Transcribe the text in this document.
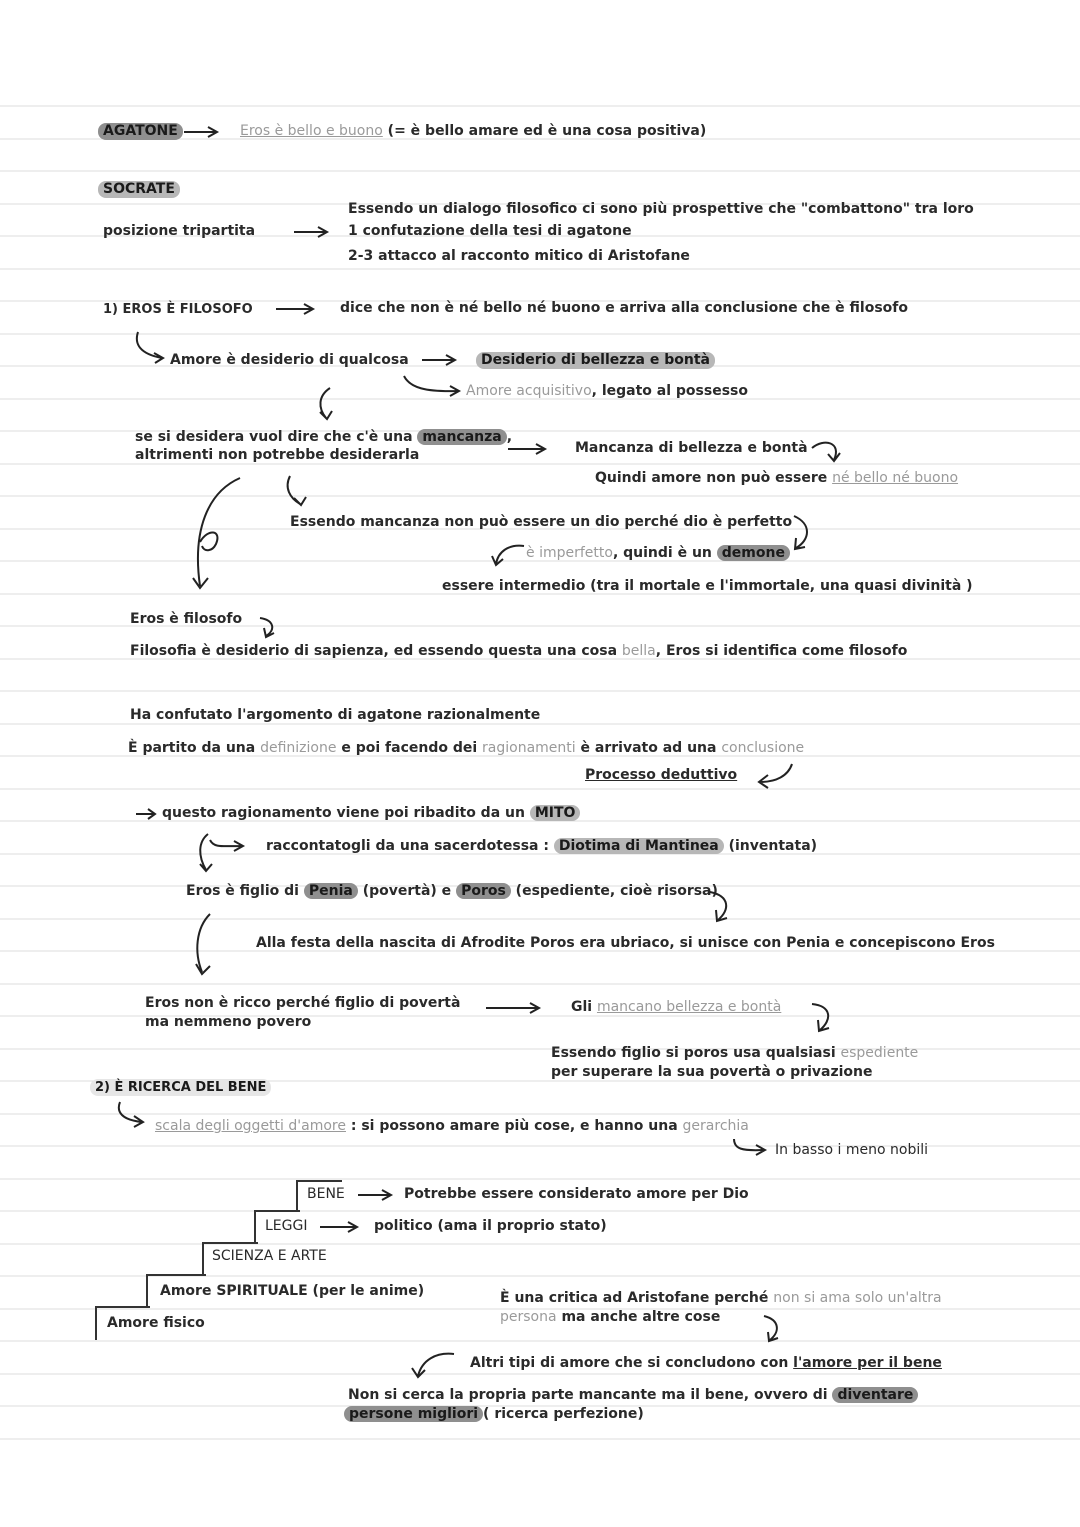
AGATONE	Eros è bello e buono (= è bello amare ed è una cosa positiva)
SOCRATE
posizione tripartita
Essendo un dialogo filosofico ci sono più prospettive che "combattono" tra loro
1 confutazione della tesi di agatone
2-3 attacco al racconto mitico di Aristofane
1) EROS È FILOSOFO	dice che non è né bello né buono e arriva alla conclusione che è filosofo
Amore è desiderio di qualcosa	Desiderio di bellezza e bontà
Amore acquisitivo, legato al possesso
se si desidera vuol dire che c'è una mancanza ,
altrimenti non potrebbe desiderarla	Mancanza di bellezza e bontà
Quindi amore non può essere né bello né buono
Essendo mancanza non può essere un dio perché dio è perfetto
è imperfetto, quindi è un demone
essere intermedio (tra il mortale e l'immortale, una quasi divinità )
Eros è filosofo
Filosofia è desiderio di sapienza, ed essendo questa una cosa bella, Eros si identifica come filosofo
Ha confutato l'argomento di agatone razionalmente
È partito da una definizione e poi facendo dei ragionamenti è arrivato ad una conclusione
Processo deduttivo
questo ragionamento viene poi ribadito da un MITO
raccontatogli da una sacerdotessa : Diotima di Mantinea (inventata)
Eros è figlio di Penia (povertà) e Poros (espediente, cioè risorsa)
Alla festa della nascita di Afrodite Poros era ubriaco, si unisce con Penia e concepiscono Eros
Eros non è ricco perché figlio di povertà
ma nemmeno povero
Gli mancano bellezza e bontà
Essendo figlio si poros usa qualsiasi espediente
per superare la sua povertà o privazione
2) È RICERCA DEL BENE
scala degli oggetti d'amore : si possono amare più cose, e hanno una gerarchia
In basso i meno nobili
BENE	Potrebbe essere considerato amore per Dio
LEGGI	politico (ama il proprio stato)
SCIENZA E ARTE
Amore SPIRITUALE (per le anime)
Amore fisico
È una critica ad Aristofane perché non si ama solo un'altra
persona ma anche altre cose
Altri tipi di amore che si concludono con l'amore per il bene
Non si cerca la propria parte mancante ma il bene, ovvero di diventare
persone migliori ( ricerca perfezione)
